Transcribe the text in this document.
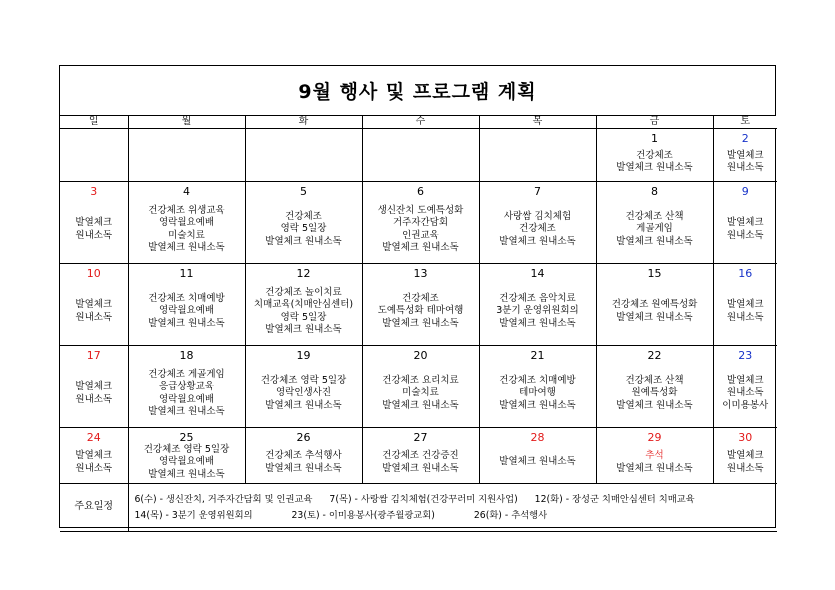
9월 행사 및 프로그램 계획
일	월	화	수	목	금	토

					1
건강체조
발열체크 원내소독	2
발열체크
원내소독

3
발열체크
원내소독	4
건강체조 위생교육
영락월요예배
미술치료
발열체크 원내소독	5
건강체조
영락 5일장
발열체크 원내소독	6
생신잔치 도예특성화
거주자간담회
인권교육
발열체크 원내소독	7
사랑쌈 김치체험
건강체조
발열체크 원내소독	8
건강체조 산책
게골게임
발열체크 원내소독	9
발열체크
원내소독

10
발열체크
원내소독	11
건강체조 치매예방
영락월요예배
발열체크 원내소독	12
건강체조 놀이치료
치매교육(치매안심센터)
영락 5일장
발열체크 원내소독	13
건강체조
도예특성화 테마여행
발열체크 원내소독	14
건강체조 음악치료
3분기 운영위원회의
발열체크 원내소독	15
건강체조 원예특성화
발열체크 원내소독	16
발열체크
원내소독

17
발열체크
원내소독	18
건강체조 게골게임
응급상황교육
영락월요예배
발열체크 원내소독	19
건강체조 영락 5일장
영락인생사진
발열체크 원내소독	20
건강체조 요리치료
미술치료
발열체크 원내소독	21
건강체조 치매예방
테마여행
발열체크 원내소독	22
건강체조 산책
원예특성화
발열체크 원내소독	23
발열체크
원내소독
이미용봉사

24
발열체크
원내소독	25
건강체조 영락 5일장
영락월요예배
발열체크 원내소독	26
건강체조 추석행사
발열체크 원내소독	27
건강체조 건강증진
발열체크 원내소독	28
발열체크 원내소독	29
추석
발열체크 원내소독	30
발열체크
원내소독

주요일정	6(수) - 생신잔치, 거주자간담회 및 인권교육 7(목) - 사랑쌈 김치체험(건강꾸러미 지원사업) 12(화) - 장성군 치매안심센터 치매교육
14(목) - 3분기 운영위원회의 23(토) - 이미용봉사(광주월광교회) 26(화) - 추석행사					
